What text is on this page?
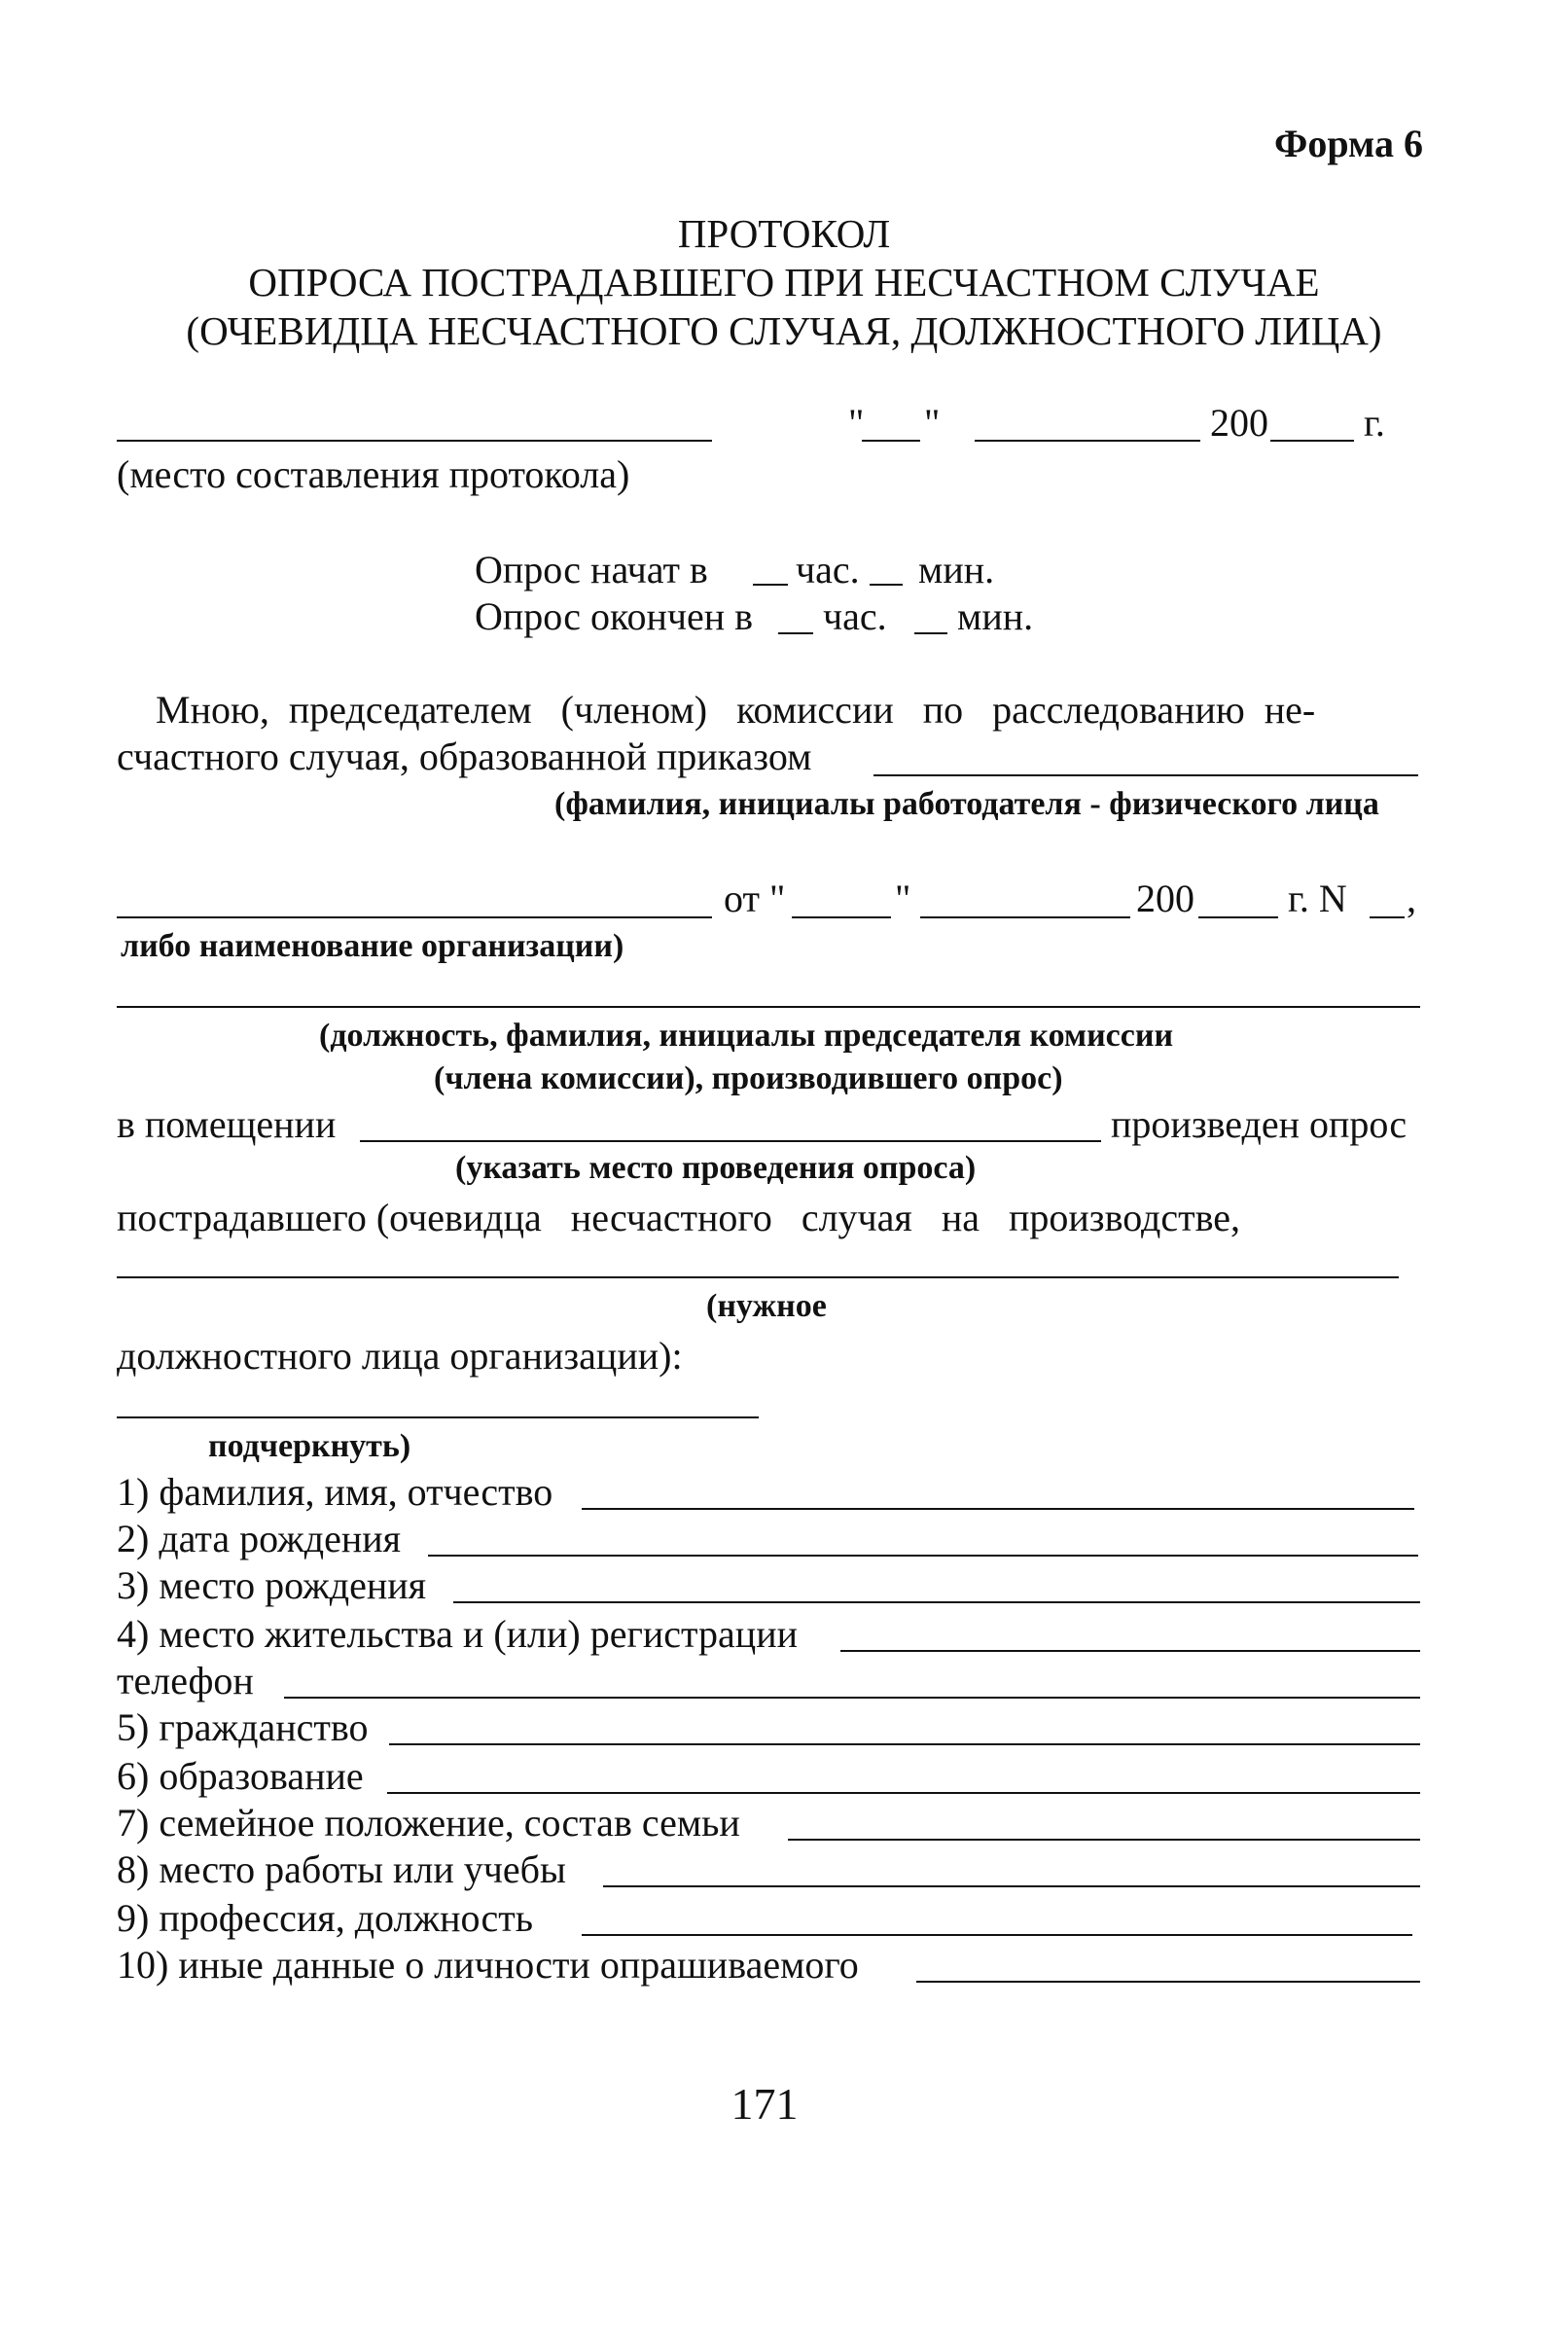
Форма 6
ПРОТОКОЛ
ОПРОСА ПОСТРАДАВШЕГО ПРИ НЕСЧАСТНОМ СЛУЧАЕ
(ОЧЕВИДЦА НЕСЧАСТНОГО СЛУЧАЯ, ДОЛЖНОСТНОГО ЛИЦА)
" "	200 г.
(место составления протокола)
Опрос начат в час. мин.
Опрос окончен в час. мин.
Мною,  председателем   (членом)   комиссии   по   расследованию  не-
счастного случая, образованной приказом
(фамилия, инициалы работодателя - физического лица
от "	"	200 г. N ,
либо наименование организации)
(должность, фамилия, инициалы председателя комиссии
(члена комиссии), производившего опрос)
в помещении	произведен опрос
(указать место проведения опроса)
пострадавшего (очевидца   несчастного   случая   на   производстве,
(нужное
должностного лица организации):
подчеркнуть)
1) фамилия, имя, отчество
2) дата рождения
3) место рождения
4) место жительства и (или) регистрации
телефон
5) гражданство
6) образование
7) семейное положение, состав семьи
8) место работы или учебы
9) профессия, должность
10) иные данные о личности опрашиваемого
171
